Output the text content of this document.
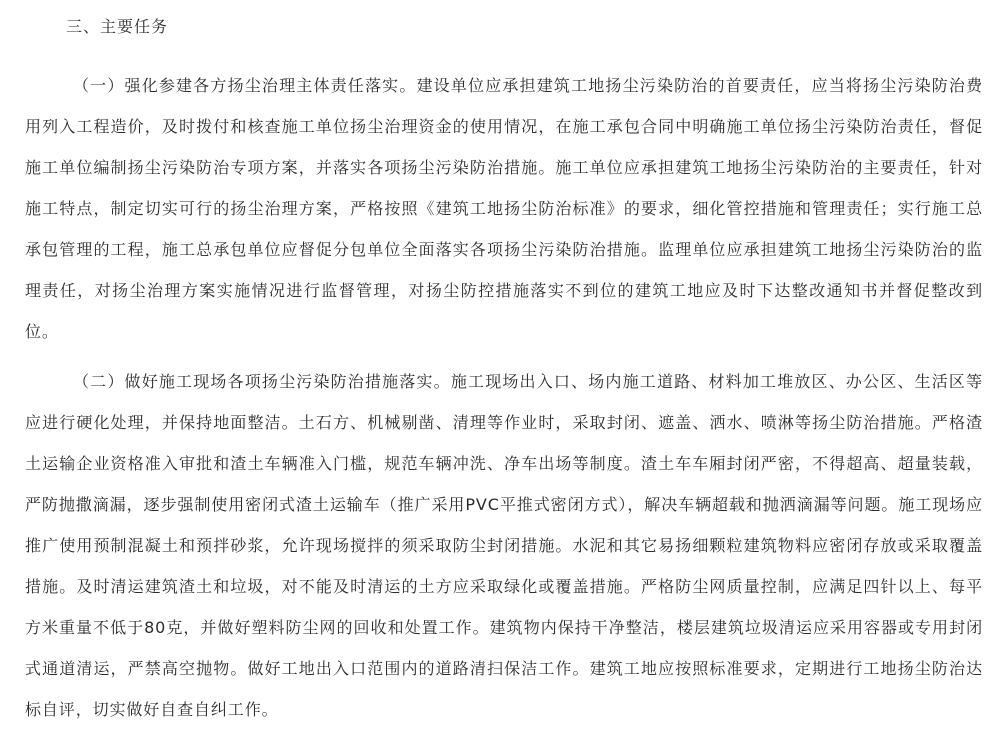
三、主要任务

（一）强化参建各方扬尘治理主体责任落实。建设单位应承担建筑工地扬尘污染防治的首要责任，应当将扬尘污染防治费用列入工程造价，及时拨付和核查施工单位扬尘治理资金的使用情况，在施工承包合同中明确施工单位扬尘污染防治责任，督促施工单位编制扬尘污染防治专项方案，并落实各项扬尘污染防治措施。施工单位应承担建筑工地扬尘污染防治的主要责任，针对施工特点，制定切实可行的扬尘治理方案，严格按照《建筑工地扬尘防治标准》的要求，细化管控措施和管理责任；实行施工总承包管理的工程，施工总承包单位应督促分包单位全面落实各项扬尘污染防治措施。监理单位应承担建筑工地扬尘污染防治的监理责任，对扬尘治理方案实施情况进行监督管理，对扬尘防控措施落实不到位的建筑工地应及时下达整改通知书并督促整改到位。

（二）做好施工现场各项扬尘污染防治措施落实。施工现场出入口、场内施工道路、材料加工堆放区、办公区、生活区等应进行硬化处理，并保持地面整洁。土石方、机械剔凿、清理等作业时，采取封闭、遮盖、洒水、喷淋等扬尘防治措施。严格渣土运输企业资格准入审批和渣土车辆准入门槛，规范车辆冲洗、净车出场等制度。渣土车车厢封闭严密，不得超高、超量装载，严防抛撒滴漏，逐步强制使用密闭式渣土运输车（推广采用PVC平推式密闭方式），解决车辆超载和抛洒滴漏等问题。施工现场应推广使用预制混凝土和预拌砂浆，允许现场搅拌的须采取防尘封闭措施。水泥和其它易扬细颗粒建筑物料应密闭存放或采取覆盖措施。及时清运建筑渣土和垃圾，对不能及时清运的土方应采取绿化或覆盖措施。严格防尘网质量控制，应满足四针以上、每平方米重量不低于80克，并做好塑料防尘网的回收和处置工作。建筑物内保持干净整洁，楼层建筑垃圾清运应采用容器或专用封闭式通道清运，严禁高空抛物。做好工地出入口范围内的道路清扫保洁工作。建筑工地应按照标准要求，定期进行工地扬尘防治达标自评，切实做好自查自纠工作。
